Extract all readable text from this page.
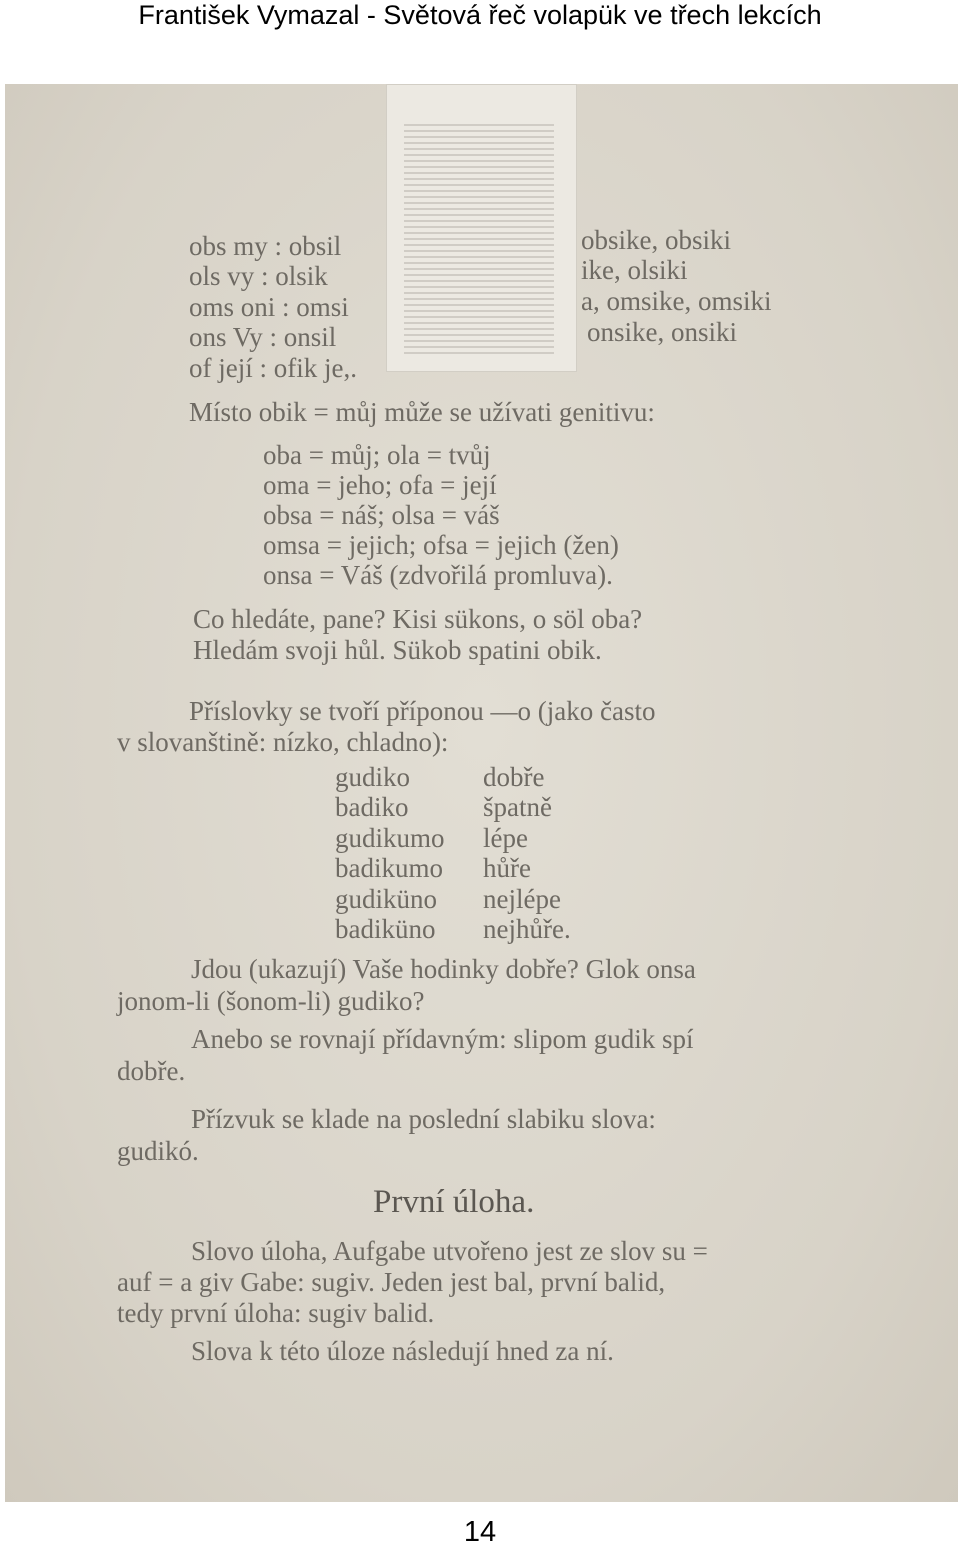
František Vymazal - Světová řeč volapük ve třech lekcích
obs my : obsil	obsike, obsiki
ols vy : olsik	ike, olsiki
oms oni : omsi	a, omsike, omsiki
ons Vy : onsil	onsike, onsiki
of její : ofik je,.
Místo obik = můj může se užívati genitivu:
oba = můj; ola = tvůj
oma = jeho; ofa = její
obsa = náš; olsa = váš
omsa = jejich; ofsa = jejich (žen)
onsa = Váš (zdvořilá promluva).
Co hledáte, pane? Kisi sükons, o söl oba?
Hledám svoji hůl. Sükob spatini obik.
Příslovky se tvoří příponou —o (jako často
v slovanštině: nízko, chladno):
gudiko	dobře
badiko	špatně
gudikumo lépe
badikumo hůře
gudiküno nejlépe
badiküno nejhůře.
Jdou (ukazují) Vaše hodinky dobře? Glok onsa
jonom-li (šonom-li) gudiko?
Anebo se rovnají přídavným: slipom gudik spí
dobře.
Přízvuk se klade na poslední slabiku slova:
gudikó.
První úloha.
Slovo úloha, Aufgabe utvořeno jest ze slov su =
auf = a giv Gabe: sugiv. Jeden jest bal, první balid,
tedy první úloha: sugiv balid.
Slova k této úloze následují hned za ní.
14
